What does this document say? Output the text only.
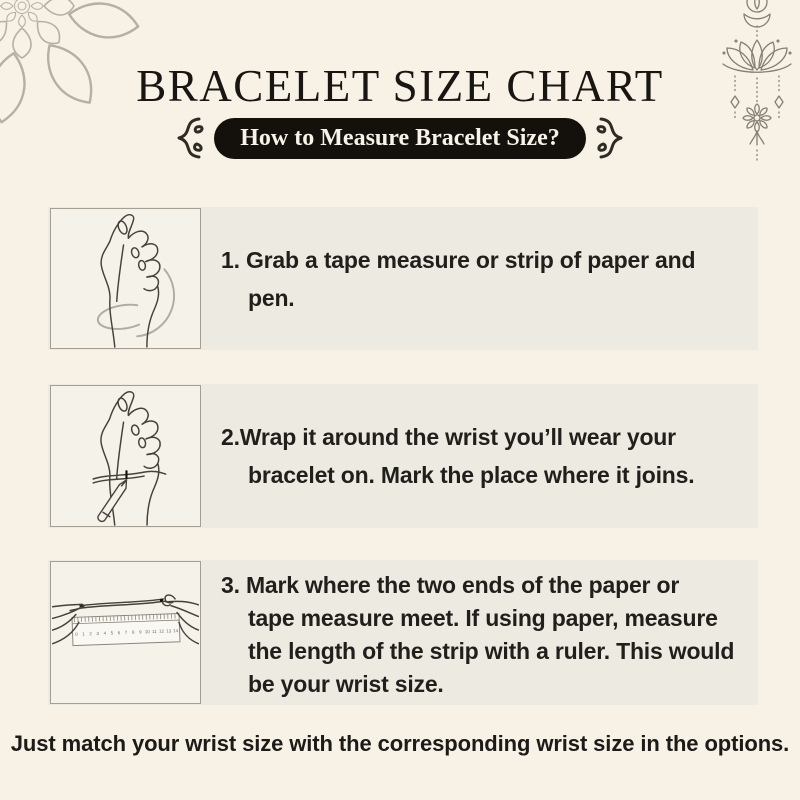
BRACELET SIZE CHART
How to Measure Bracelet Size?
1. Grab a tape measure or strip of paper and
pen.
2.Wrap it around the wrist you’ll wear your
bracelet on. Mark the place where it joins.
0 1 2 3 4 5 6 7 8 9 10 11 12 13 14
3. Mark where the two ends of the paper or
tape measure meet. If using paper, measure
the length of the strip with a ruler. This would
be your wrist size.

Just match your wrist size with the corresponding wrist size in the options.
